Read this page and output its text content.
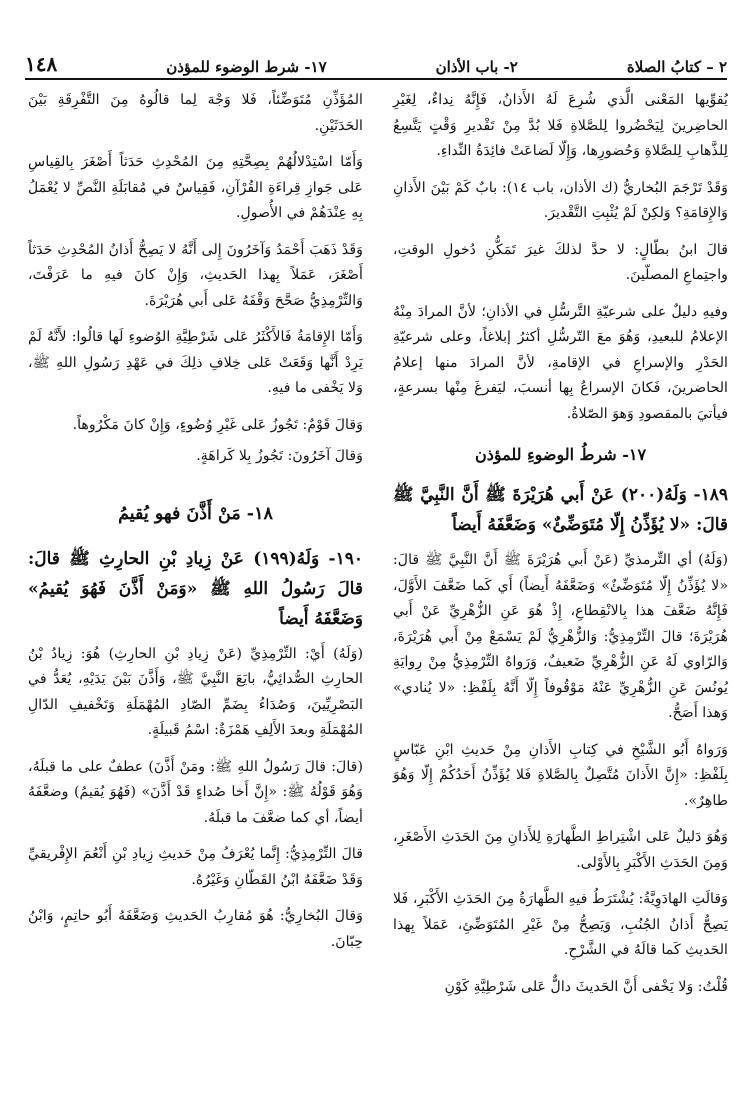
٢ – كتابُ الصلاة
٢- باب الأذان
١٧- شرط الوضوء للمؤذن
١٤٨

يُقوِّيها المَعْنى الَّذي شُرِعَ لَهُ الأَذانُ، فَإِنَّهُ نِداءٌ، لِغَيْرِ الحاضِرينَ لِيَحْضُروا لِلصَّلاةِ فَلا بُدَّ مِنْ تَقْديرِ وَقْتٍ يَتَّسِعُ لِلذَّهابِ لِلصَّلاةِ وَحُضورِها، وَإِلّا لَضاعَتْ فائِدَةُ النِّداءِ.

وَقَدْ تَرْجَمَ البُخاريُّ (ك الأذان، باب ١٤): بابٌ كَمْ بَيْنَ الأَذانِ وَالإِقامَةِ؟ وَلكِنْ لَمْ يُثْبِتِ التَّقْديرَ.

قالَ ابنُ بطّالٍ: لا حدَّ لذلكَ غيرَ تَمَكُّنِ دُخولِ الوقتِ، واجتِماعِ المصلّينَ.

وفيهِ دليلٌ على شرعيّةِ التَّرسُّلِ في الأذانِ؛ لأنَّ المرادَ مِنْهُ الإعلامُ للبعيدِ، وَهُوَ معَ التّرسُّلِ أكثرُ إبلاغاً، وعلى شرعيّةِ الحَدْرِ والإسراعِ في الإقامةِ، لأنَّ المرادَ منها إعلامُ الحاضرينَ، فَكانَ الإسراعُ بِها أنسبَ، ليَفرغَ مِنْها بسرعةٍ، فيأتيَ بالمقصودِ وَهوَ الصّلاةُ.

١٧- شرطُ الوضوءِ للمؤذن

١٨٩- وَلَهُ(٢٠٠) عَنْ أَبي هُرَيْرَةَ ﷺ أَنَّ النَّبِيَّ ﷺ قالَ: «لا يُؤَذِّنُ إِلّا مُتَوَضِّئٌ» وَضَعَّفَهُ أَيضاً

(وَلَهُ) أي التِّرمذيِّ (عَنْ أَبي هُرَيْرَةَ ﷺ أَنَّ النَّبِيَّ ﷺ قالَ: «لا يُؤَذِّنُ إِلّا مُتَوَضِّئٌ» وَضَعَّفَهُ أَيضاً) أَي كَما ضَعَّفَ الأَوَّلَ، فَإِنَّهُ ضَعَّفَ هذا بِالانْقِطاعِ، إِذْ هُوَ عَنِ الزُّهْرِيِّ عَنْ أَبي هُرَيْرَةَ؛ قالَ التِّرْمِذِيُّ: وَالزُّهْرِيُّ لَمْ يَسْمَعْ مِنْ أَبي هُرَيْرَةَ، وَالرّاوي لَهُ عَنِ الزُّهْرِيِّ ضَعيفٌ، وَرَواهُ التِّرْمِذِيُّ مِنْ رِوايَةِ يُونُسَ عَنِ الزُّهْرِيِّ عَنْهُ مَوْقُوفاً إِلّا أَنَّهُ بِلَفْظِ: «لا يُنادي» وَهذا أَصَحُّ.

وَرَواهُ أَبُو الشَّيْخِ في كِتابِ الأَذانِ مِنْ حَديثِ ابْنِ عَبّاسٍ بِلَفْظِ: «إِنَّ الأَذانَ مُتَّصِلٌ بِالصَّلاةِ فَلا يُؤَذِّنُ أَحَدُكُمْ إِلّا وَهُوَ طاهِرٌ».

وَهُوَ دَليلٌ عَلى اشْتِراطِ الطَّهارَةِ لِلأَذانِ مِنَ الحَدَثِ الأَصْغَرِ، وَمِنَ الحَدَثِ الأَكْبَرِ بِالأَوْلى.

وَقالَتِ الهادَوِيَّةُ: يُشْتَرَطُ فيهِ الطَّهارَةُ مِنَ الحَدَثِ الأَكْبَرِ، فَلا يَصِحُّ أَذانُ الجُنُبِ، وَيَصِحُّ مِنْ غَيْرِ المُتَوَضِّئِ، عَمَلاً بِهذا الحَديثِ كَما قالَهُ في الشَّرْحِ.

قُلْتُ: وَلا يَخْفى أَنَّ الحَديثَ دالٌّ عَلى شَرْطِيَّةِ كَوْنِ

المُؤَذِّنِ مُتَوَضِّئاً، فَلا وَجْهَ لِما قالُوهُ مِنَ التَّفْرِقَةِ بَيْنَ الحَدَثَيْنِ.

وَأَمّا اسْتِدْلالُهُمْ بِصِحَّتِهِ مِنَ المُحْدِثِ حَدَثاً أَصْغَرَ بِالقِياسِ عَلى جَوازِ قِراءَةِ القُرْآنِ، فَقِياسٌ في مُقابَلَةِ النَّصِّ لا يُعْمَلُ بِهِ عِنْدَهُمْ في الأُصولِ.

وَقَدْ ذَهَبَ أَحْمَدُ وَآخَرُونَ إِلى أَنَّهُ لا يَصِحُّ أَذانُ المُحْدِثِ حَدَثاً أَصْغَرَ، عَمَلاً بِهذا الحَديثِ، وَإِنْ كانَ فيهِ ما عَرَفْتَ، وَالتِّرْمِذِيُّ صَحَّحَ وَقْفَهُ عَلى أَبي هُرَيْرَةَ.

وَأَمّا الإِقامَةُ فَالأَكْثَرُ عَلى شَرْطِيَّةِ الوُضوءِ لَها قالُوا: لأَنَّهُ لَمْ يَرِدْ أَنَّها وَقَعَتْ عَلى خِلافِ ذلِكَ في عَهْدِ رَسُولِ اللهِ ﷺ، وَلا يَخْفى ما فيهِ.

وَقالَ قَوْمٌ: تَجُوزُ عَلى غَيْرِ وُضُوءٍ، وَإِنْ كانَ مَكْرُوهاً.

وَقالَ آخَرُونَ: تَجُوزُ بِلا كَراهَةٍ.

١٨- مَنْ أَذَّنَ فهو يُقيمُ

١٩٠- وَلَهُ(١٩٩) عَنْ زِيادِ بْنِ الحارِثِ ﷺ قالَ: قالَ رَسُولُ اللهِ ﷺ «وَمَنْ أَذَّنَ فَهُوَ يُقيمُ» وَضَعَّفَهُ أَيضاً

(وَلَهُ) أَيْ: التِّرْمِذِيِّ (عَنْ زِيادِ بْنِ الحارِثِ) هُوَ: زِيادُ بْنُ الحارِثِ الصُّدائِيُّ، بايَعَ النَّبِيَّ ﷺ، وَأَذَّنَ بَيْنَ يَدَيْهِ، يُعَدُّ في البَصْرِيِّينَ، وَصُدَاءُ بِضَمِّ الصّادِ المُهْمَلَةِ وَتَخْفيفِ الدّالِ المُهْمَلَةِ وبعدَ الأَلِفِ هَمْزَةٌ: اسْمُ قَبيلَةٍ.

(قالَ: قالَ رَسُولُ اللهِ ﷺ: ومَنْ أَذَّنَ) عطفٌ على ما قبلَهُ، وَهُوَ قَوْلُهُ ﷺ: «إِنَّ أَخا صُداءٍ قَدْ أَذَّنَ» (فَهُوَ يُقيمُ) وضعَّفَهُ أيضاً، أي كما ضعَّفَ ما قبلَهُ.

قالَ التِّرْمِذِيُّ: إِنَّما يُعْرَفُ مِنْ حَديثِ زِيادِ بْنِ أَنْعُمَ الإِفْريقيِّ وَقَدْ ضَعَّفَهُ ابْنُ القَطّانِ وَغَيْرُهُ.

وَقالَ البُخارِيُّ: هُوَ مُقارِبُ الحَديثِ وَضَعَّفَهُ أَبُو حاتِمٍ، وَابْنُ حِبّانَ.
